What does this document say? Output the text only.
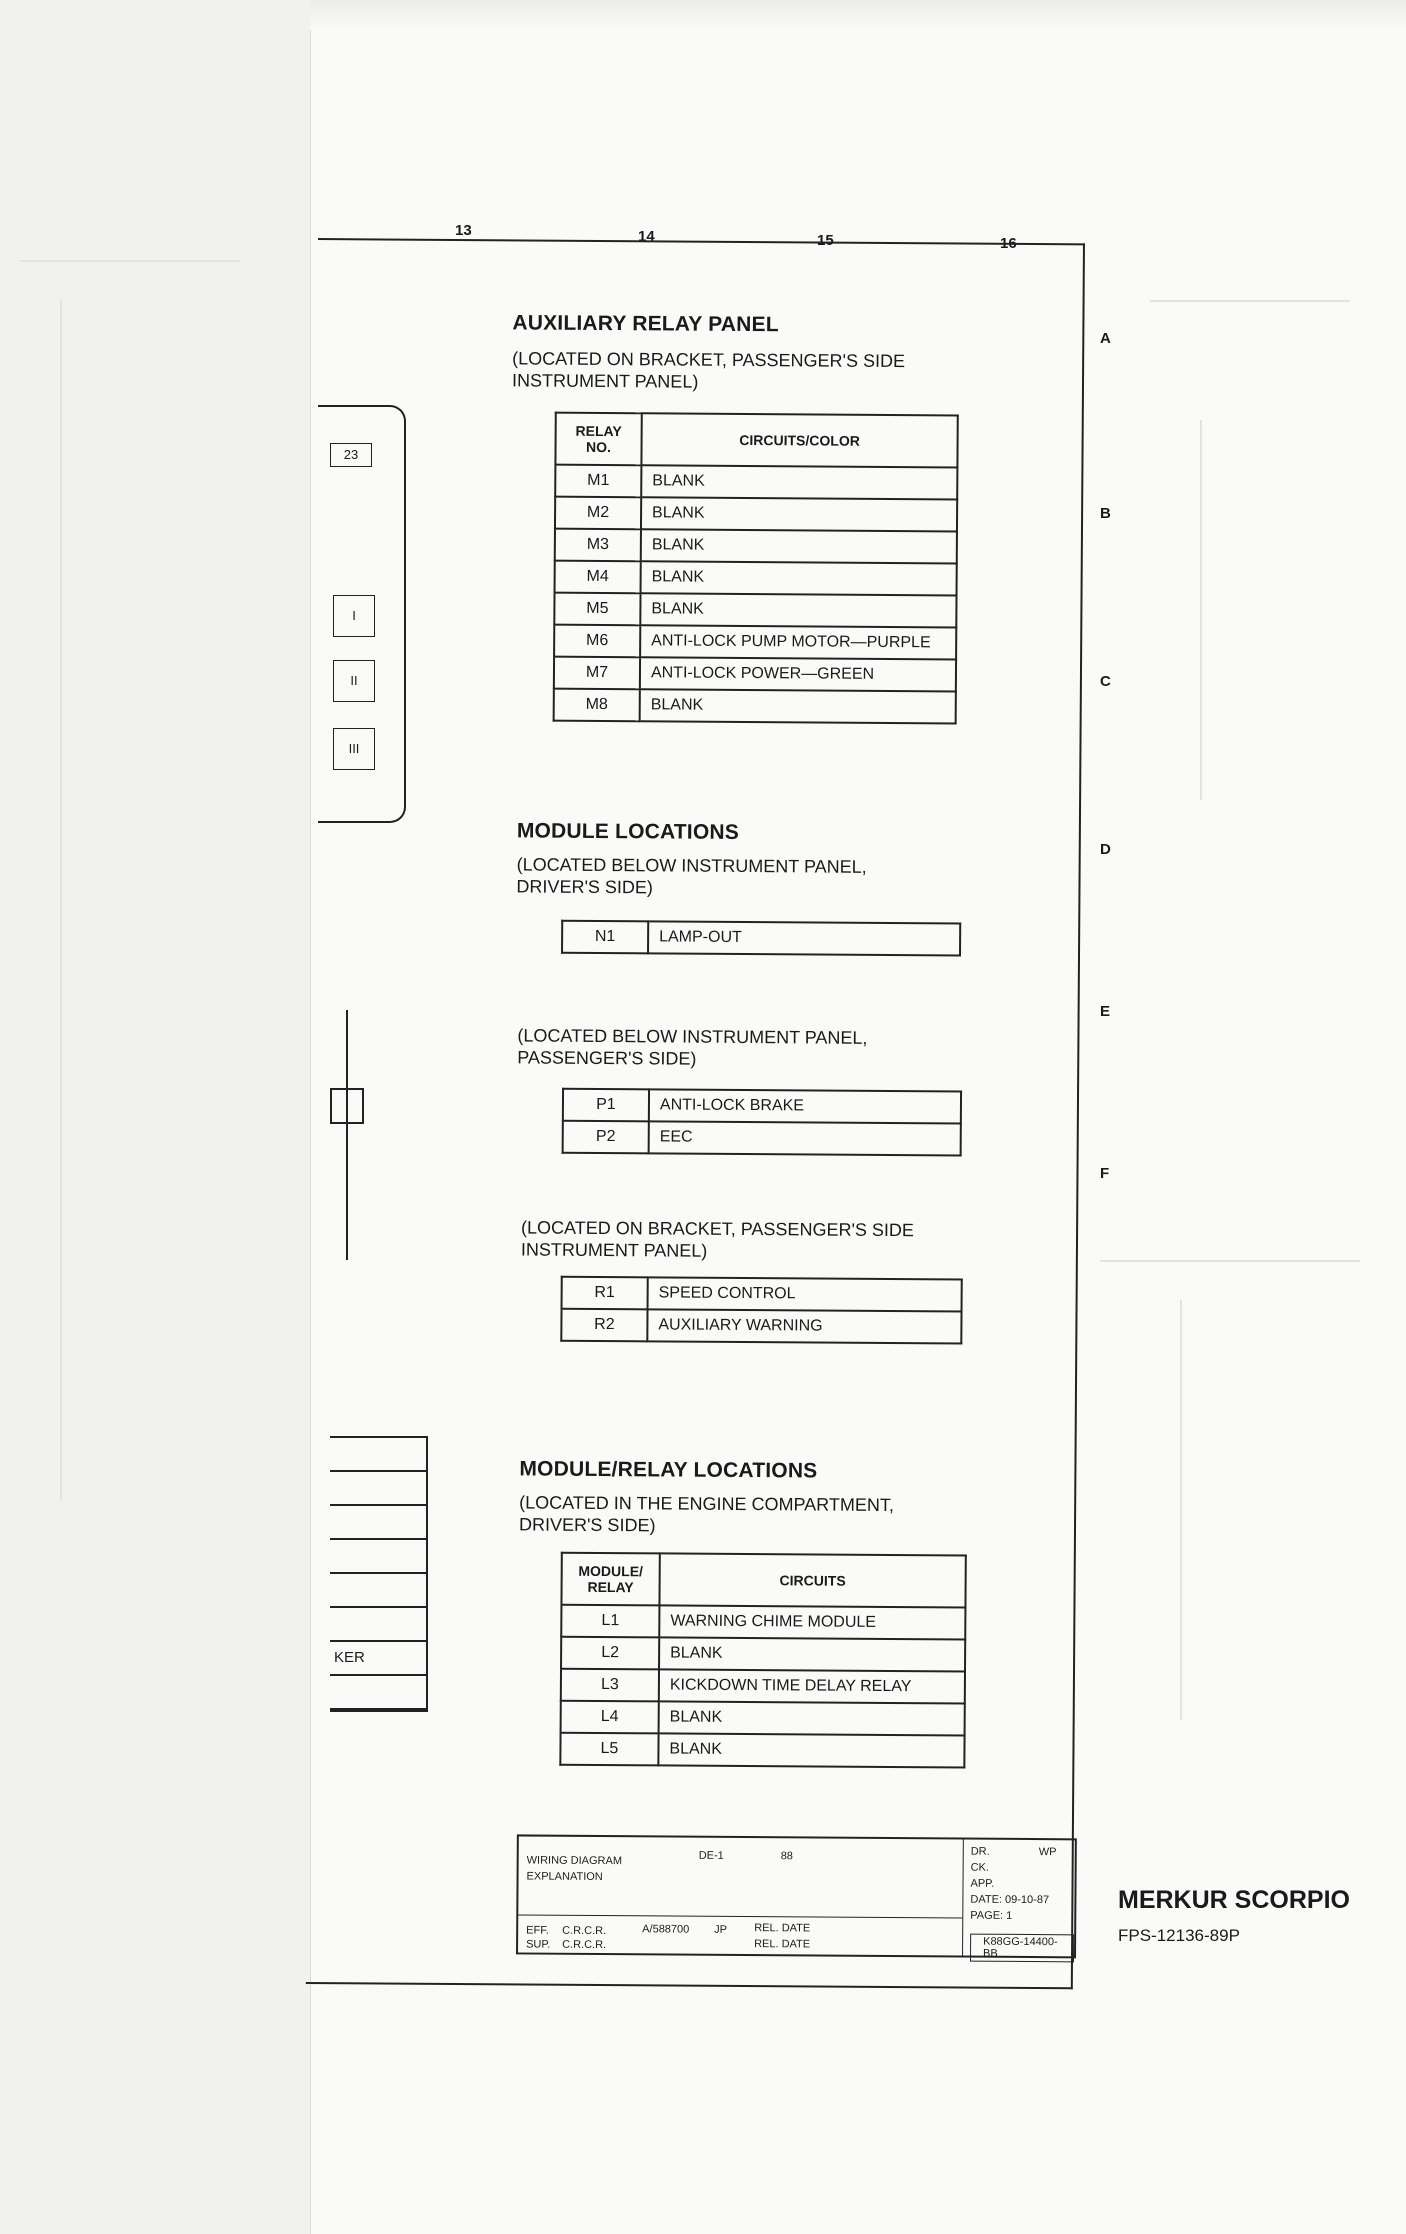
13	14	15	16
A
B
C
D
E
F
23
I
II
III
KER
AUXILIARY RELAY PANEL
(LOCATED ON BRACKET, PASSENGER'S SIDE
INSTRUMENT PANEL)
RELAY NO.	CIRCUITS/COLOR
M1	BLANK
M2	BLANK
M3	BLANK
M4	BLANK
M5	BLANK
M6	ANTI-LOCK PUMP MOTOR—PURPLE
M7	ANTI-LOCK POWER—GREEN
M8	BLANK
MODULE LOCATIONS
(LOCATED BELOW INSTRUMENT PANEL,
DRIVER'S SIDE)
N1	LAMP-OUT
(LOCATED BELOW INSTRUMENT PANEL,
PASSENGER'S SIDE)
P1	ANTI-LOCK BRAKE
P2	EEC
(LOCATED ON BRACKET, PASSENGER'S SIDE
INSTRUMENT PANEL)
R1	SPEED CONTROL
R2	AUXILIARY WARNING
MODULE/RELAY LOCATIONS
(LOCATED IN THE ENGINE COMPARTMENT,
DRIVER'S SIDE)
MODULE/ RELAY	CIRCUITS
L1	WARNING CHIME MODULE
L2	BLANK
L3	KICKDOWN TIME DELAY RELAY
L4	BLANK
L5	BLANK
WIRING DIAGRAM
EXPLANATION
DE-1	88
EFF. C.R.C.R.
SUP. C.R.C.R.
A/588700 JP REL. DATE
REL. DATE
DR.	WP
CK.
APP.
DATE: 09-10-87
PAGE: 1
K88GG-14400-BB
MERKUR SCORPIO
FPS-12136-89P
